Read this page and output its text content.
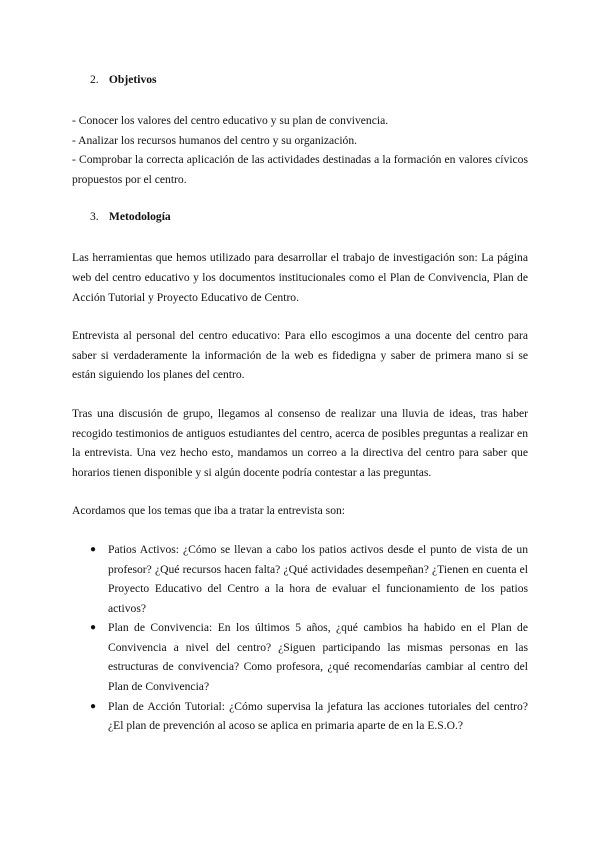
2. Objetivos

- Conocer los valores del centro educativo y su plan de convivencia.

- Analizar los recursos humanos del centro y su organización.

- Comprobar la correcta aplicación de las actividades destinadas a la formación en valores cívicos propuestos por el centro.

3. Metodología

Las herramientas que hemos utilizado para desarrollar el trabajo de investigación son: La página web del centro educativo y los documentos institucionales como el Plan de Convivencia, Plan de Acción Tutorial y Proyecto Educativo de Centro.

Entrevista al personal del centro educativo: Para ello escogimos a una docente del centro para saber si verdaderamente la información de la web es fidedigna y saber de primera mano si se están siguiendo los planes del centro.

Tras una discusión de grupo, llegamos al consenso de realizar una lluvia de ideas, tras haber recogido testimonios de antiguos estudiantes del centro, acerca de posibles preguntas a realizar en la entrevista. Una vez hecho esto, mandamos un correo a la directiva del centro para saber que horarios tienen disponible y si algún docente podría contestar a las preguntas.

Acordamos que los temas que iba a tratar la entrevista son:

● Patios Activos: ¿Cómo se llevan a cabo los patios activos desde el punto de vista de un profesor? ¿Qué recursos hacen falta? ¿Qué actividades desempeñan? ¿Tienen en cuenta el Proyecto Educativo del Centro a la hora de evaluar el funcionamiento de los patios activos?
● Plan de Convivencia: En los últimos 5 años, ¿qué cambios ha habido en el Plan de Convivencia a nivel del centro? ¿Siguen participando las mismas personas en las estructuras de convivencia? Como profesora, ¿qué recomendarías cambiar al centro del Plan de Convivencia?
● Plan de Acción Tutorial: ¿Cómo supervisa la jefatura las acciones tutoriales del centro? ¿El plan de prevención al acoso se aplica en primaria aparte de en la E.S.O.?
